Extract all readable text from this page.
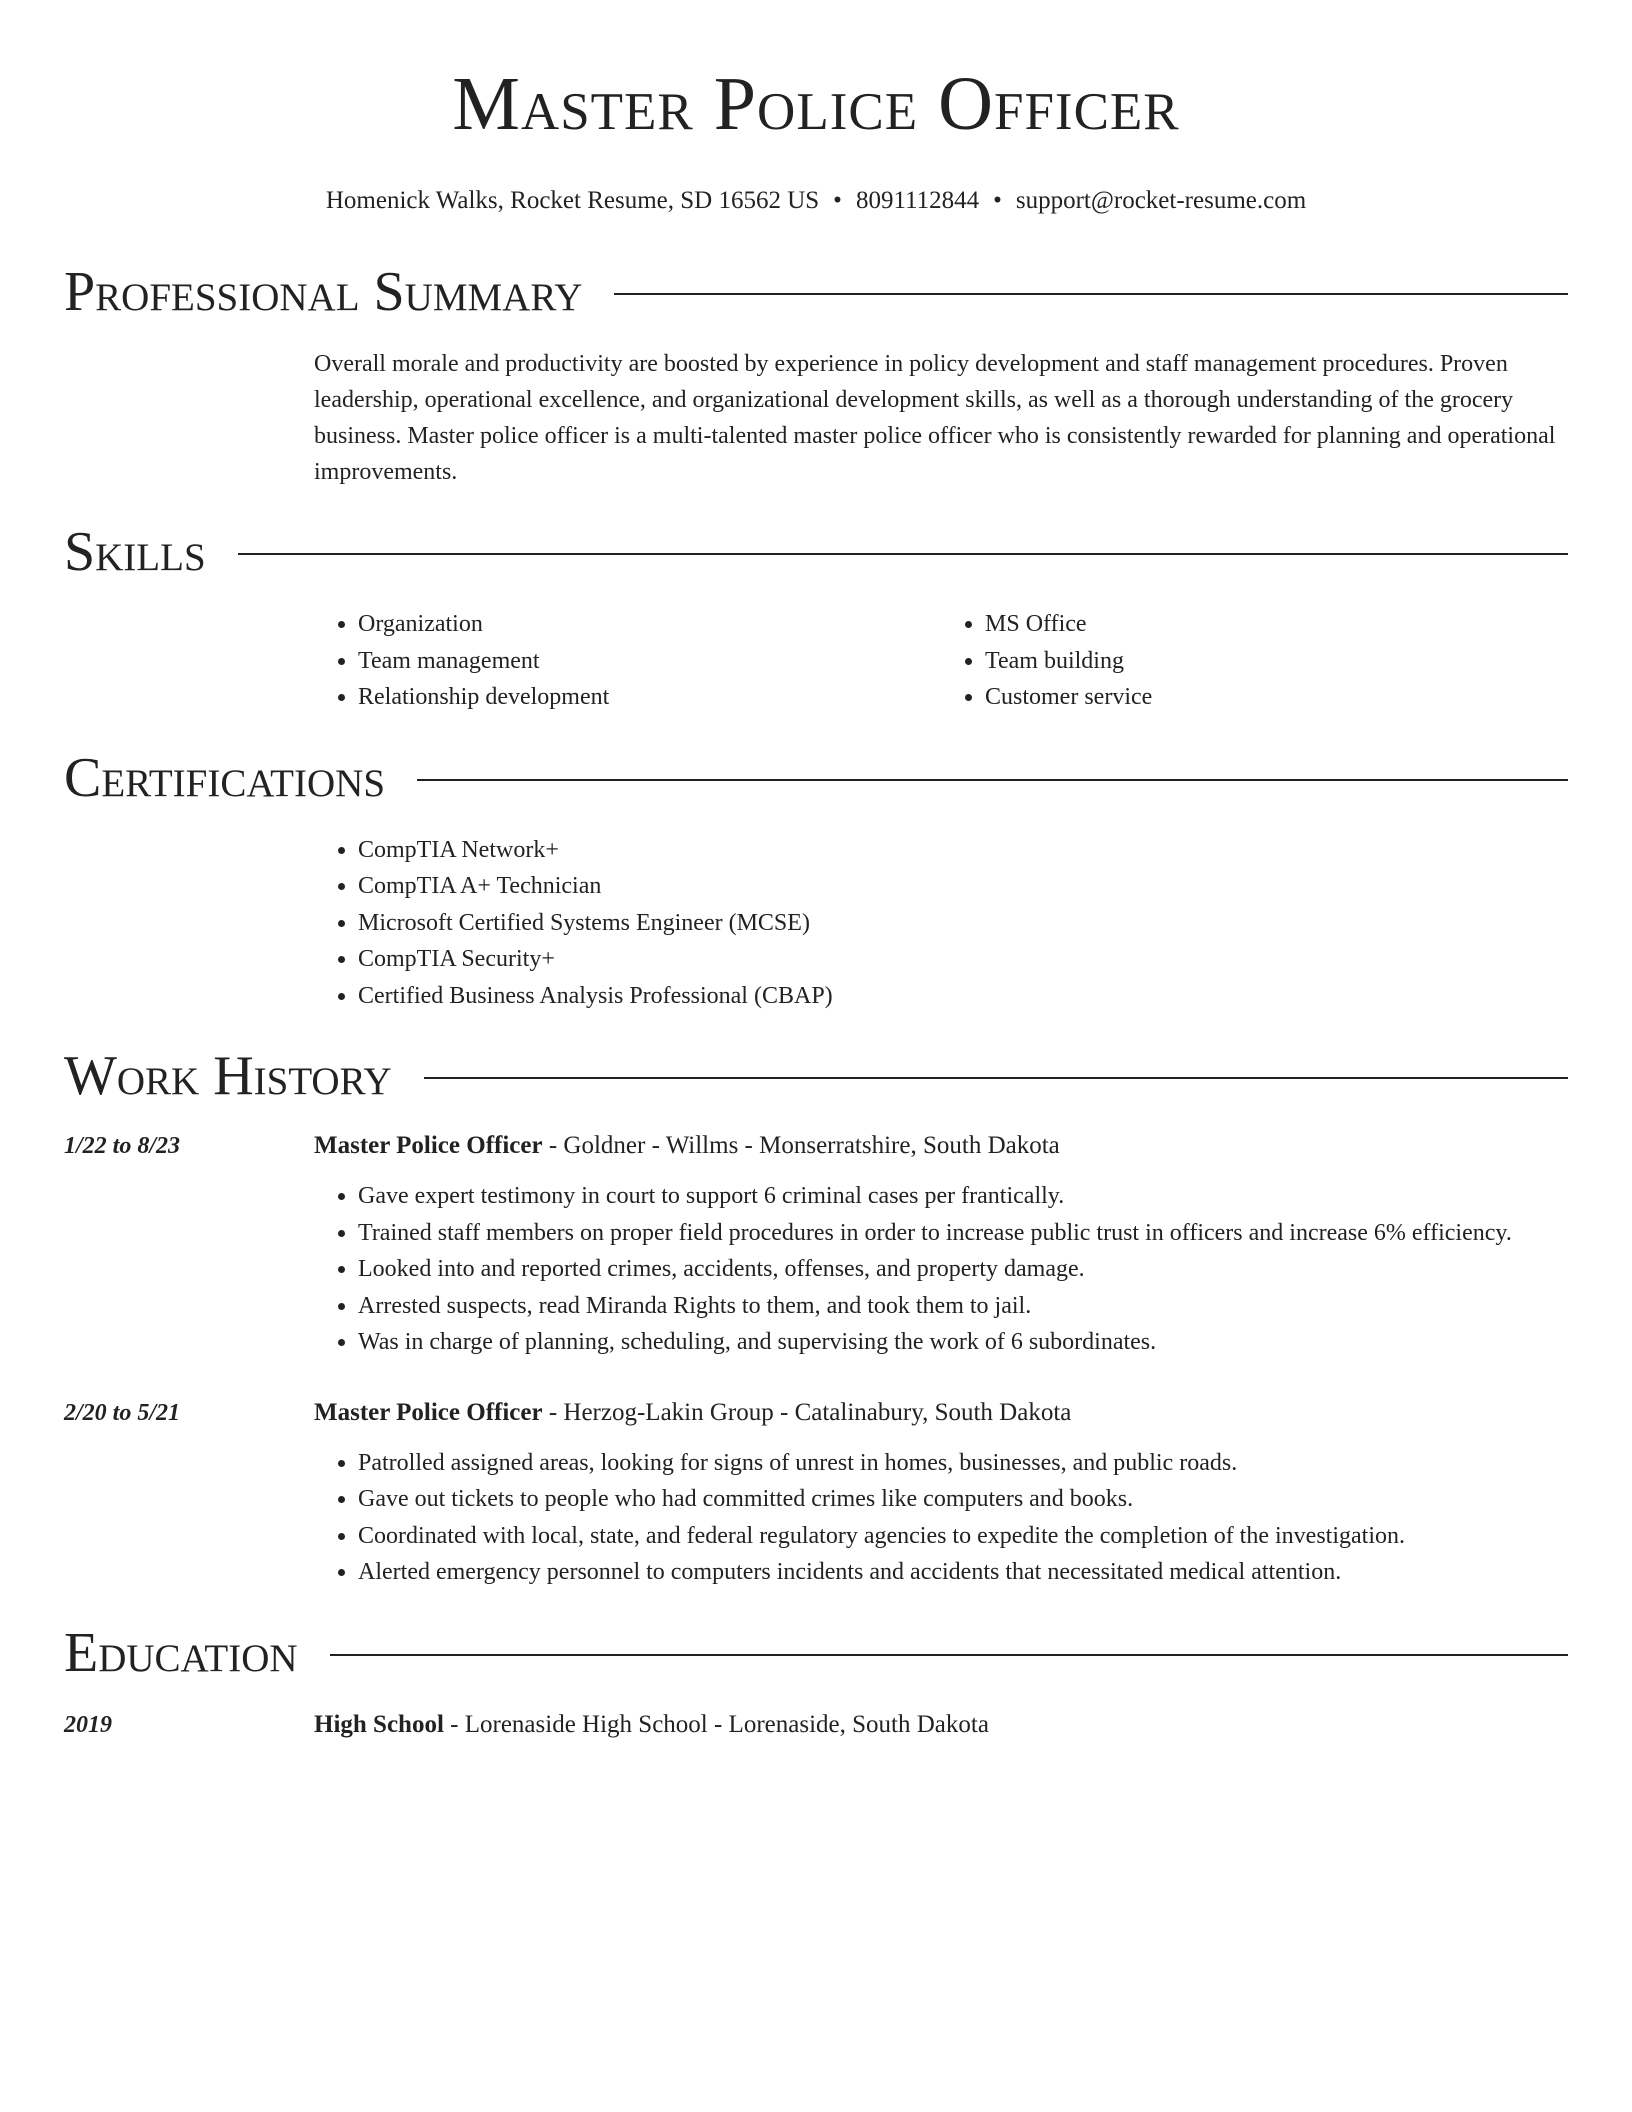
Master Police Officer
Homenick Walks, Rocket Resume, SD 16562 US • 8091112844 • support@rocket-resume.com
Professional Summary

Overall morale and productivity are boosted by experience in policy development and staff management procedures. Proven leadership, operational excellence, and organizational development skills, as well as a thorough understanding of the grocery business. Master police officer is a multi-talented master police officer who is consistently rewarded for planning and operational improvements.

Skills
• Organization
• Team management
• Relationship development
• MS Office
• Team building
• Customer service
Certifications
• CompTIA Network+
• CompTIA A+ Technician
• Microsoft Certified Systems Engineer (MCSE)
• CompTIA Security+
• Certified Business Analysis Professional (CBAP)
Work History
1/22 to 8/23	Master Police Officer - Goldner - Willms - Monserratshire, South Dakota
• Gave expert testimony in court to support 6 criminal cases per frantically.
• Trained staff members on proper field procedures in order to increase public trust in officers and increase 6% efficiency.
• Looked into and reported crimes, accidents, offenses, and property damage.
• Arrested suspects, read Miranda Rights to them, and took them to jail.
• Was in charge of planning, scheduling, and supervising the work of 6 subordinates.
2/20 to 5/21	Master Police Officer - Herzog-Lakin Group - Catalinabury, South Dakota
• Patrolled assigned areas, looking for signs of unrest in homes, businesses, and public roads.
• Gave out tickets to people who had committed crimes like computers and books.
• Coordinated with local, state, and federal regulatory agencies to expedite the completion of the investigation.
• Alerted emergency personnel to computers incidents and accidents that necessitated medical attention.
Education
2019	High School - Lorenaside High School - Lorenaside, South Dakota
